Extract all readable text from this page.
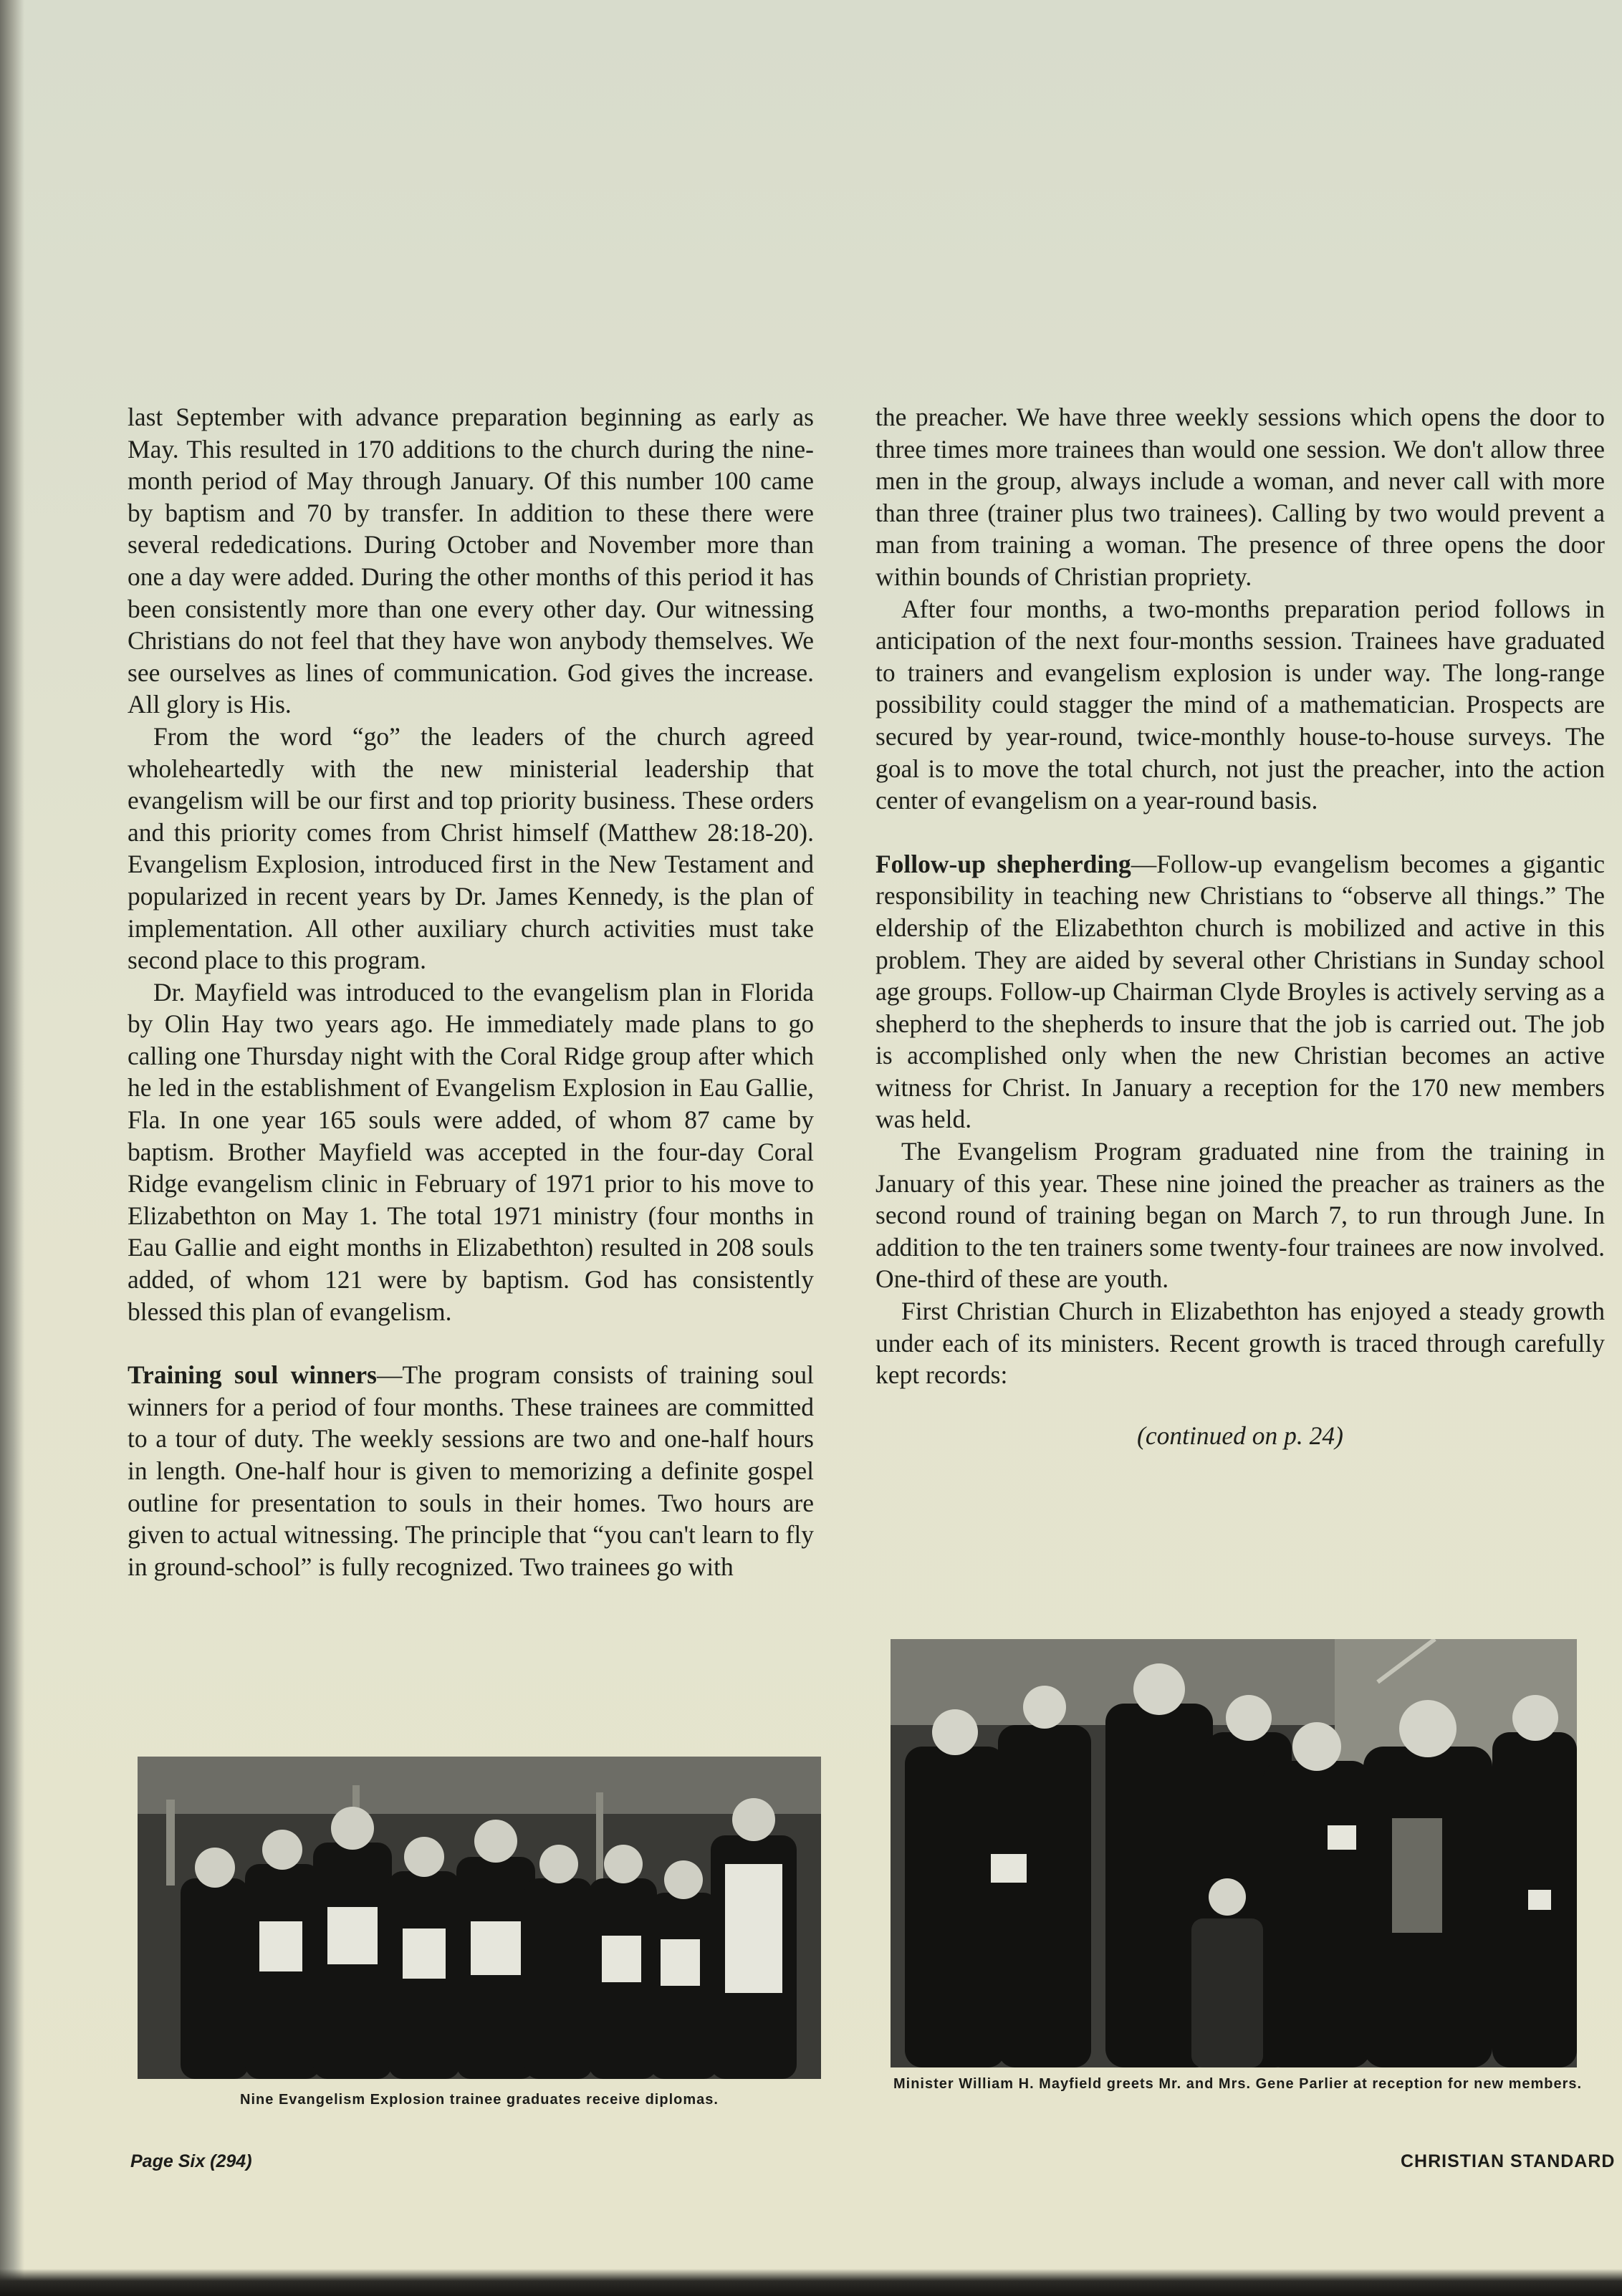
last September with advance preparation beginning as early as May. This resulted in 170 additions to the church during the nine-month period of May through January. Of this number 100 came by baptism and 70 by transfer. In addition to these there were several rededications. During October and November more than one a day were added. During the other months of this period it has been consistently more than one every other day. Our witnessing Christians do not feel that they have won anybody themselves. We see ourselves as lines of communication. God gives the increase. All glory is His.

From the word “go” the leaders of the church agreed wholeheartedly with the new ministerial leadership that evangelism will be our first and top priority business. These orders and this priority comes from Christ himself (Matthew 28:18-20). Evangelism Explosion, introduced first in the New Testament and popularized in recent years by Dr. James Kennedy, is the plan of implementation. All other auxiliary church activities must take second place to this program.

Dr. Mayfield was introduced to the evangelism plan in Florida by Olin Hay two years ago. He immediately made plans to go calling one Thursday night with the Coral Ridge group after which he led in the establishment of Evangelism Explosion in Eau Gallie, Fla. In one year 165 souls were added, of whom 87 came by baptism. Brother Mayfield was accepted in the four-day Coral Ridge evangelism clinic in February of 1971 prior to his move to Elizabethton on May 1. The total 1971 ministry (four months in Eau Gallie and eight months in Elizabethton) resulted in 208 souls added, of whom 121 were by baptism. God has consistently blessed this plan of evangelism.

Training soul winners—The program consists of training soul winners for a period of four months. These trainees are committed to a tour of duty. The weekly sessions are two and one-half hours in length. One-half hour is given to memorizing a definite gospel outline for presentation to souls in their homes. Two hours are given to actual witnessing. The principle that “you can't learn to fly in ground-school” is fully recognized. Two trainees go with

the preacher. We have three weekly sessions which opens the door to three times more trainees than would one session. We don't allow three men in the group, always include a woman, and never call with more than three (trainer plus two trainees). Calling by two would prevent a man from training a woman. The presence of three opens the door within bounds of Christian propriety.

After four months, a two-months preparation period follows in anticipation of the next four-months session. Trainees have graduated to trainers and evangelism explosion is under way. The long-range possibility could stagger the mind of a mathematician. Prospects are secured by year-round, twice-monthly house-to-house surveys. The goal is to move the total church, not just the preacher, into the action center of evangelism on a year-round basis.

Follow-up shepherding—Follow-up evangelism becomes a gigantic responsibility in teaching new Christians to “observe all things.” The eldership of the Elizabethton church is mobilized and active in this problem. They are aided by several other Christians in Sunday school age groups. Follow-up Chairman Clyde Broyles is actively serving as a shepherd to the shepherds to insure that the job is carried out. The job is accomplished only when the new Christian becomes an active witness for Christ. In January a reception for the 170 new members was held.

The Evangelism Program graduated nine from the training in January of this year. These nine joined the preacher as trainers as the second round of training began on March 7, to run through June. In addition to the ten trainers some twenty-four trainees are now involved. One-third of these are youth.

First Christian Church in Elizabethton has enjoyed a steady growth under each of its ministers. Recent growth is traced through carefully kept records:

(continued on p. 24)

Nine Evangelism Explosion trainee graduates receive diplomas.
Minister William H. Mayfield greets Mr. and Mrs. Gene Parlier at reception for new members.
Page Six (294)	CHRISTIAN STANDARD
